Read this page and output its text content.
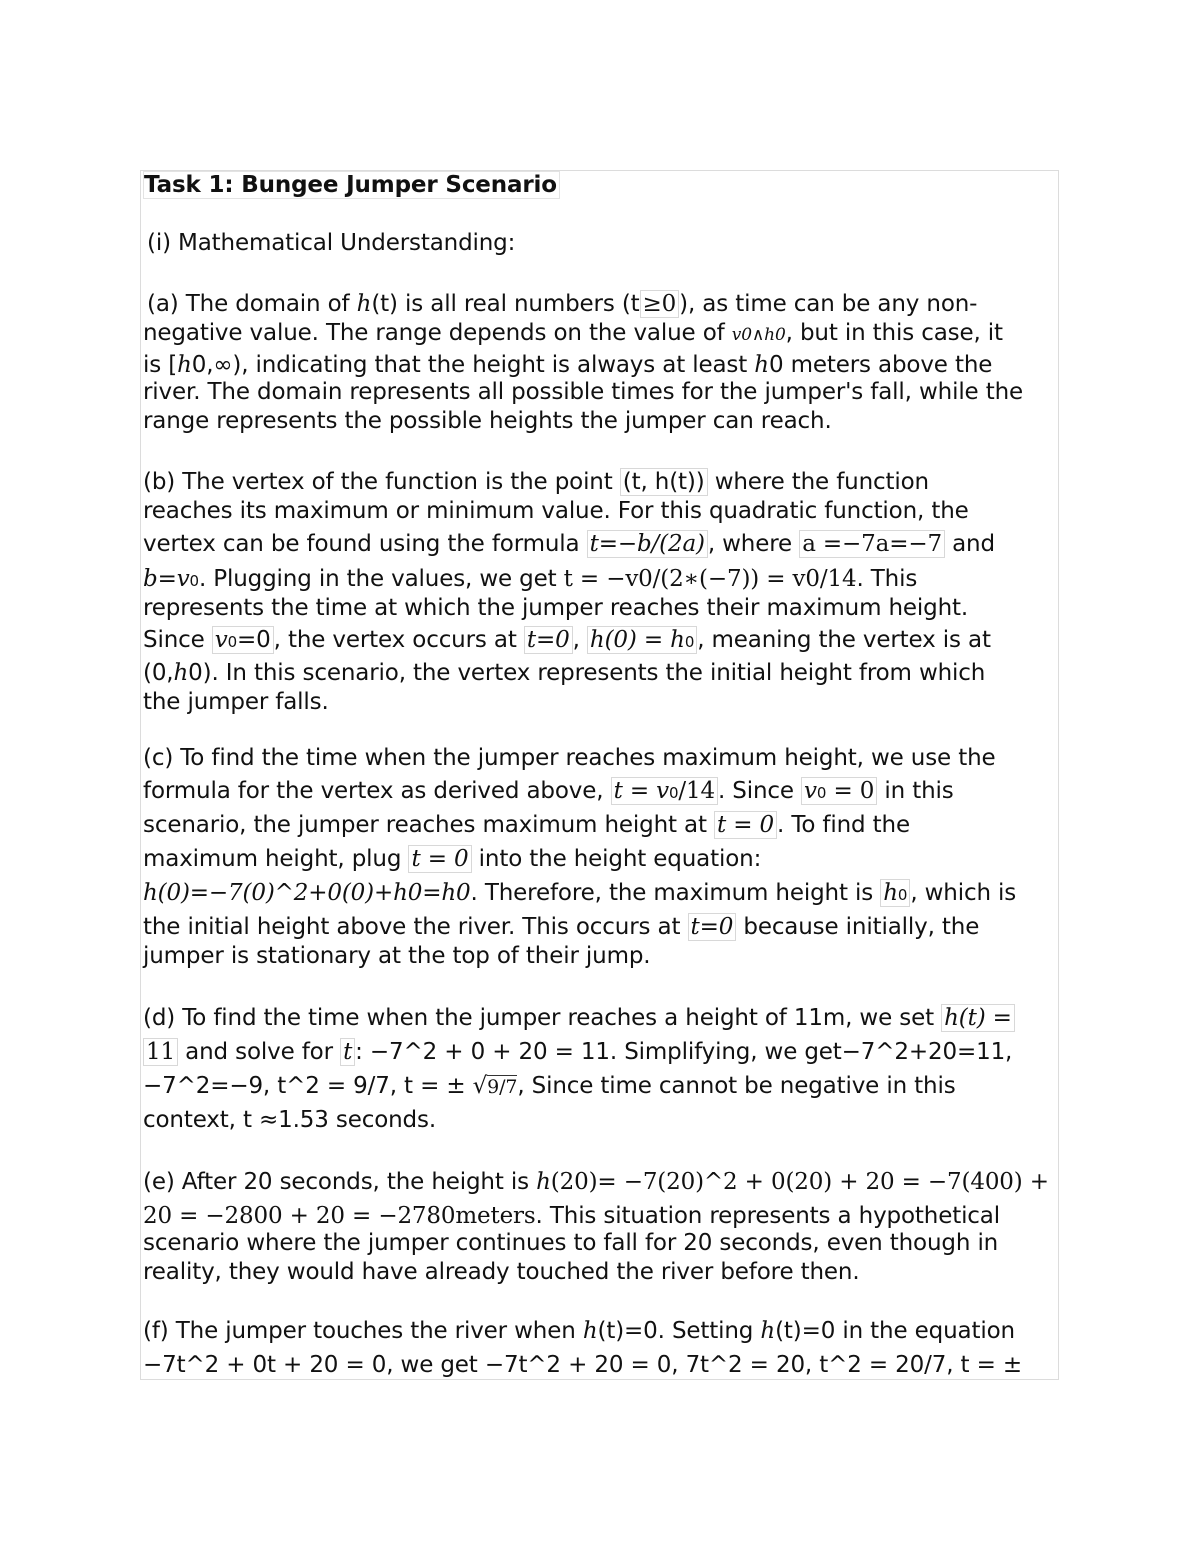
Task 1: Bungee Jumper Scenario
(i) Mathematical Understanding:
(a) The domain of h(t) is all real numbers (t ≥0 ), as time can be any non-
negative value. The range depends on the value of v0∧h0, but in this case, it
is [h0,∞), indicating that the height is always at least h0 meters above the
river. The domain represents all possible times for the jumper's fall, while the
range represents the possible heights the jumper can reach.
(b) The vertex of the function is the point (t, h(t)) where the function
reaches its maximum or minimum value. For this quadratic function, the
vertex can be found using the formula t=−b/(2a) , where a =−7a=−7 and
b=v0. Plugging in the values, we get t = −v0/(2∗(−7)) = v0/14. This
represents the time at which the jumper reaches their maximum height.
Since v0=0 , the vertex occurs at t=0 , h(0) = h0 , meaning the vertex is at
(0,h0). In this scenario, the vertex represents the initial height from which
the jumper falls.
(c) To find the time when the jumper reaches maximum height, we use the
formula for the vertex as derived above, t = v0/14 . Since v0 = 0 in this
scenario, the jumper reaches maximum height at t = 0 . To find the
maximum height, plug t = 0 into the height equation:
h(0)=−7(0)^2+0(0)+h0=h0. Therefore, the maximum height is h0 , which is
the initial height above the river. This occurs at t=0 because initially, the
jumper is stationary at the top of their jump.
(d) To find the time when the jumper reaches a height of 11m, we set h(t) =
11 and solve for t : −7^2 + 0 + 20 = 11. Simplifying, we get−7^2+20=11,
−7^2=−9, t^2 = 9/7, t = ± √9/7, Since time cannot be negative in this
context, t ≈1.53 seconds.
(e) After 20 seconds, the height is h(20)= −7(20)^2 + 0(20) + 20 = −7(400) +
20 = −2800 + 20 = −2780meters. This situation represents a hypothetical
scenario where the jumper continues to fall for 20 seconds, even though in
reality, they would have already touched the river before then.
(f) The jumper touches the river when h(t)=0. Setting h(t)=0 in the equation
−7t^2 + 0t + 20 = 0, we get −7t^2 + 20 = 0, 7t^2 = 20, t^2 = 20/7, t = ±
